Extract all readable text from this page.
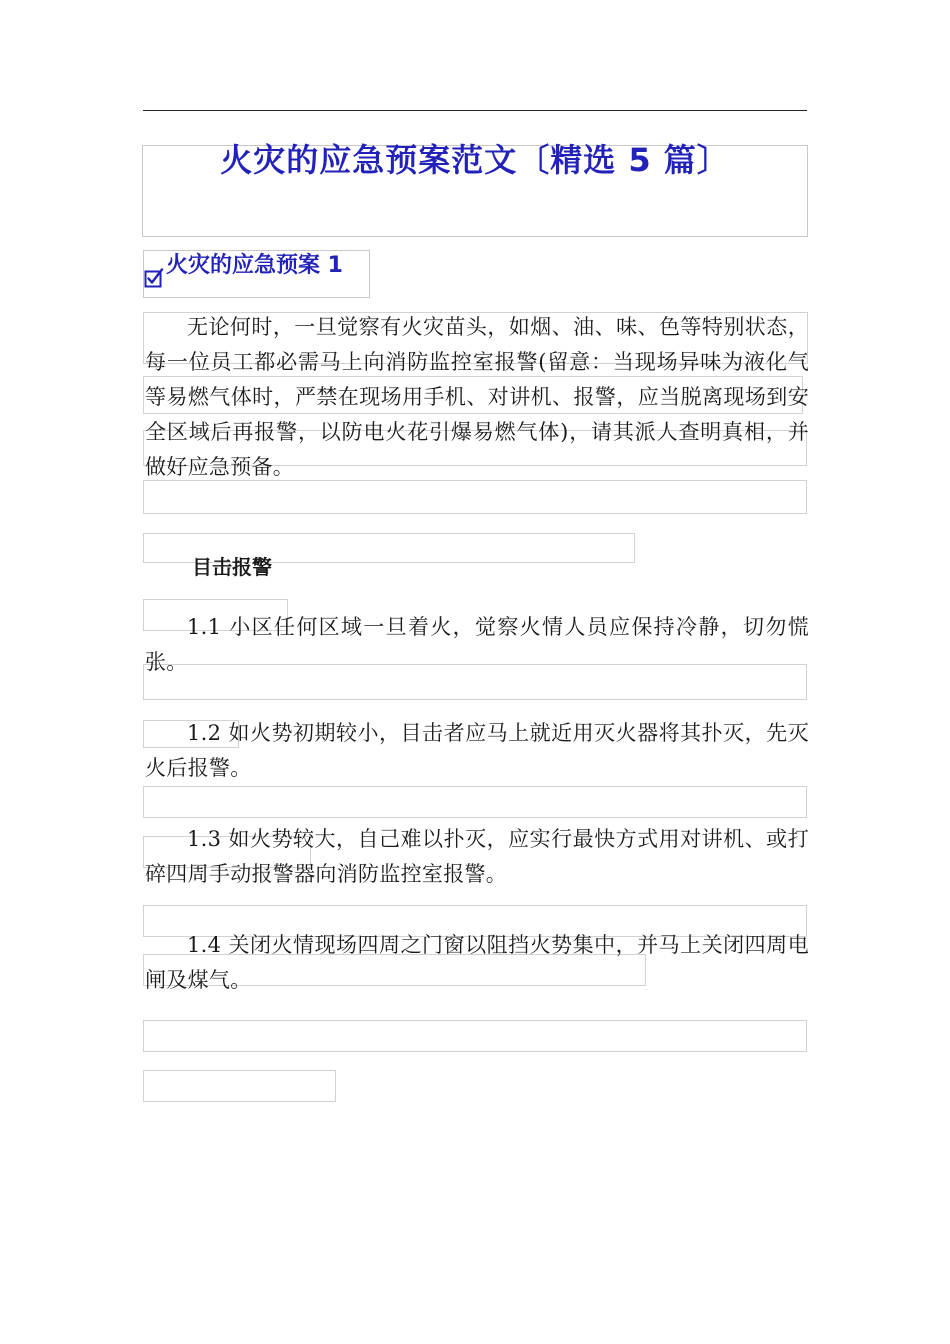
火灾的应急预案范文〔精选 5 篇〕
火灾的应急预案 1

无论何时，一旦觉察有火灾苗头，如烟、油、味、色等特别状态，每一位员工都必需马上向消防监控室报警(留意：当现场异味为液化气等易燃气体时，严禁在现场用手机、对讲机、报警，应当脱离现场到安全区域后再报警，以防电火花引爆易燃气体)，请其派人查明真相，并做好应急预备。

目击报警

1.1 小区任何区域一旦着火，觉察火情人员应保持冷静，切勿慌张。

1.2 如火势初期较小，目击者应马上就近用灭火器将其扑灭，先灭火后报警。

1.3 如火势较大，自己难以扑灭，应实行最快方式用对讲机、或打碎四周手动报警器向消防监控室报警。

1.4 关闭火情现场四周之门窗以阻挡火势集中，并马上关闭四周电闸及煤气。
